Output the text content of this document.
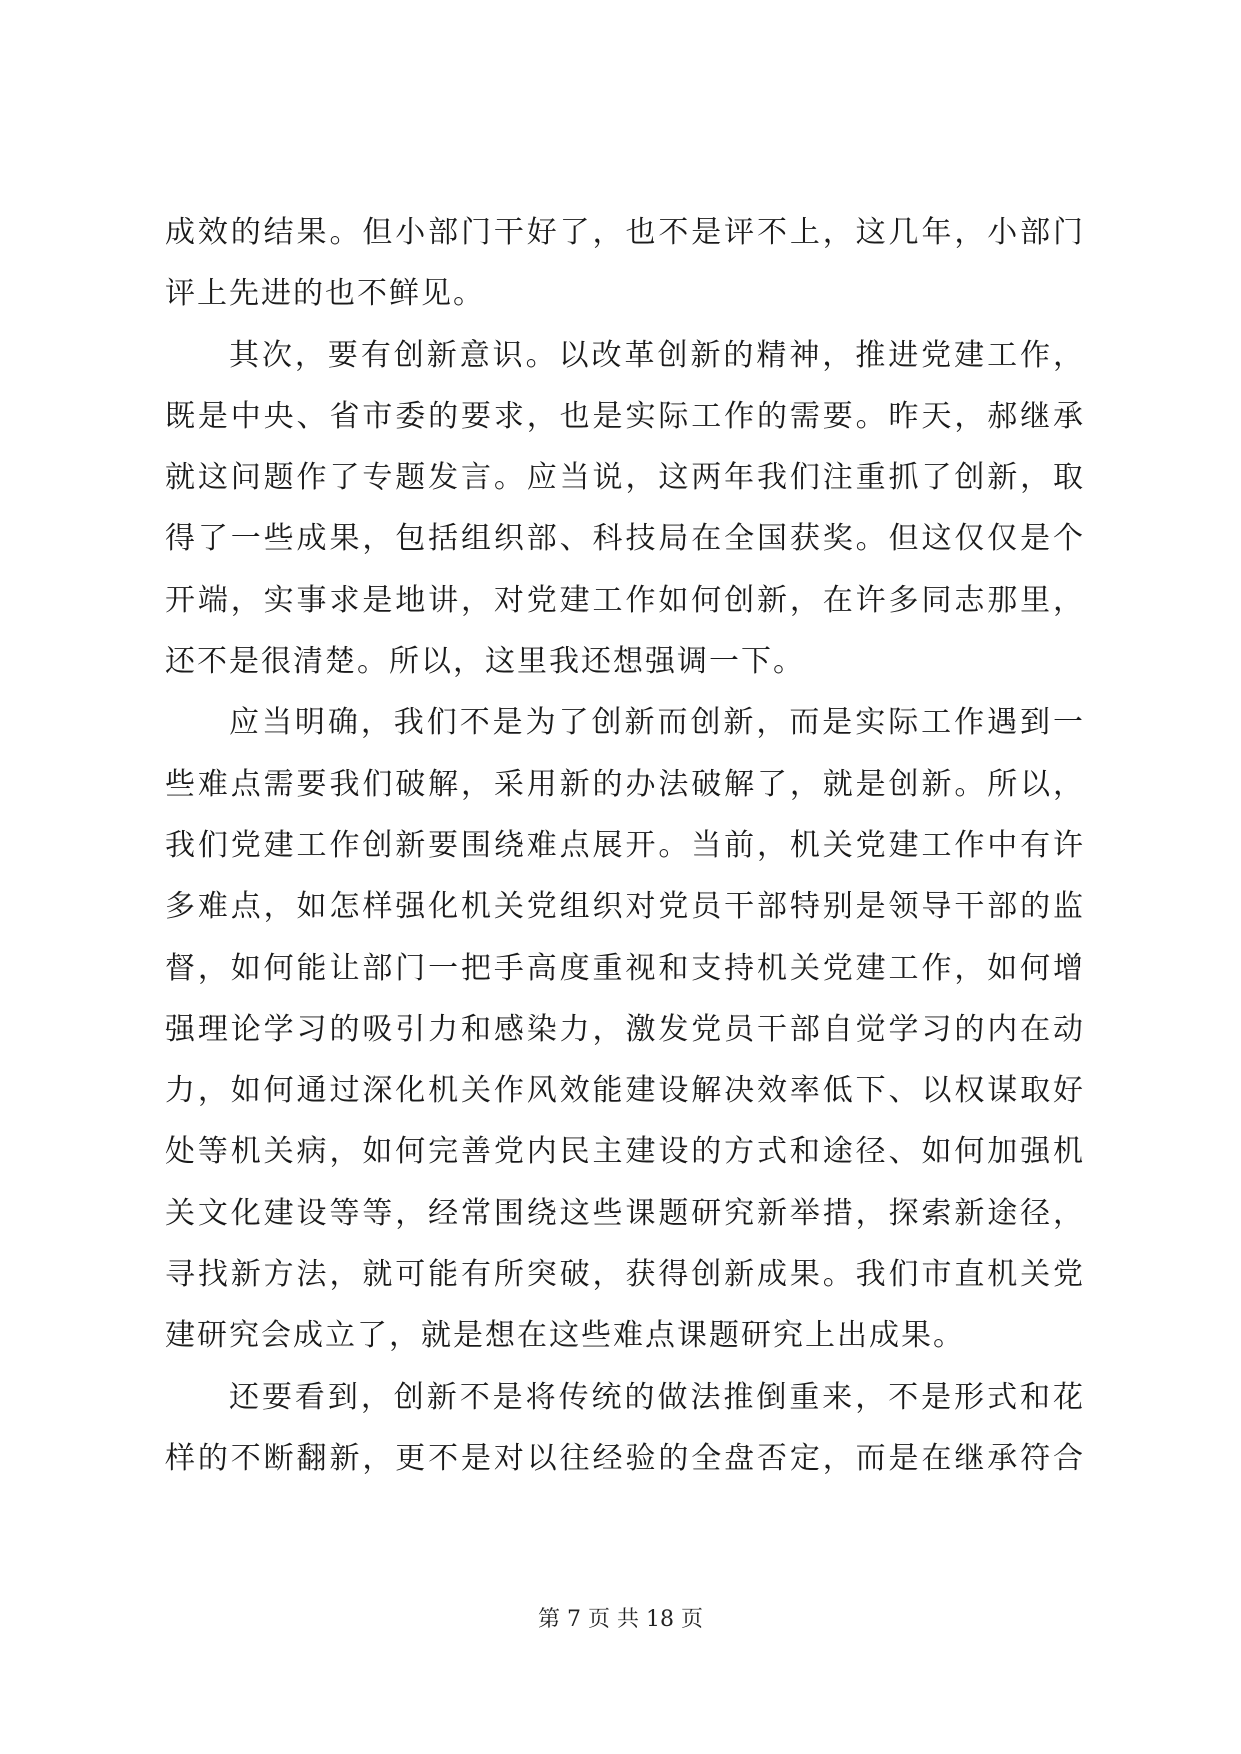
成效的结果。但小部门干好了，也不是评不上，这几年，小部门
评上先进的也不鲜见。
其次，要有创新意识。以改革创新的精神，推进党建工作，
既是中央、省市委的要求，也是实际工作的需要。昨天，郝继承
就这问题作了专题发言。应当说，这两年我们注重抓了创新，取
得了一些成果，包括组织部、科技局在全国获奖。但这仅仅是个
开端，实事求是地讲，对党建工作如何创新，在许多同志那里，
还不是很清楚。所以，这里我还想强调一下。
应当明确，我们不是为了创新而创新，而是实际工作遇到一
些难点需要我们破解，采用新的办法破解了，就是创新。所以，
我们党建工作创新要围绕难点展开。当前，机关党建工作中有许
多难点，如怎样强化机关党组织对党员干部特别是领导干部的监
督，如何能让部门一把手高度重视和支持机关党建工作，如何增
强理论学习的吸引力和感染力，激发党员干部自觉学习的内在动
力，如何通过深化机关作风效能建设解决效率低下、以权谋取好
处等机关病，如何完善党内民主建设的方式和途径、如何加强机
关文化建设等等，经常围绕这些课题研究新举措，探索新途径，
寻找新方法，就可能有所突破，获得创新成果。我们市直机关党
建研究会成立了，就是想在这些难点课题研究上出成果。
还要看到，创新不是将传统的做法推倒重来，不是形式和花
样的不断翻新，更不是对以往经验的全盘否定，而是在继承符合
第 7 页 共 18 页
